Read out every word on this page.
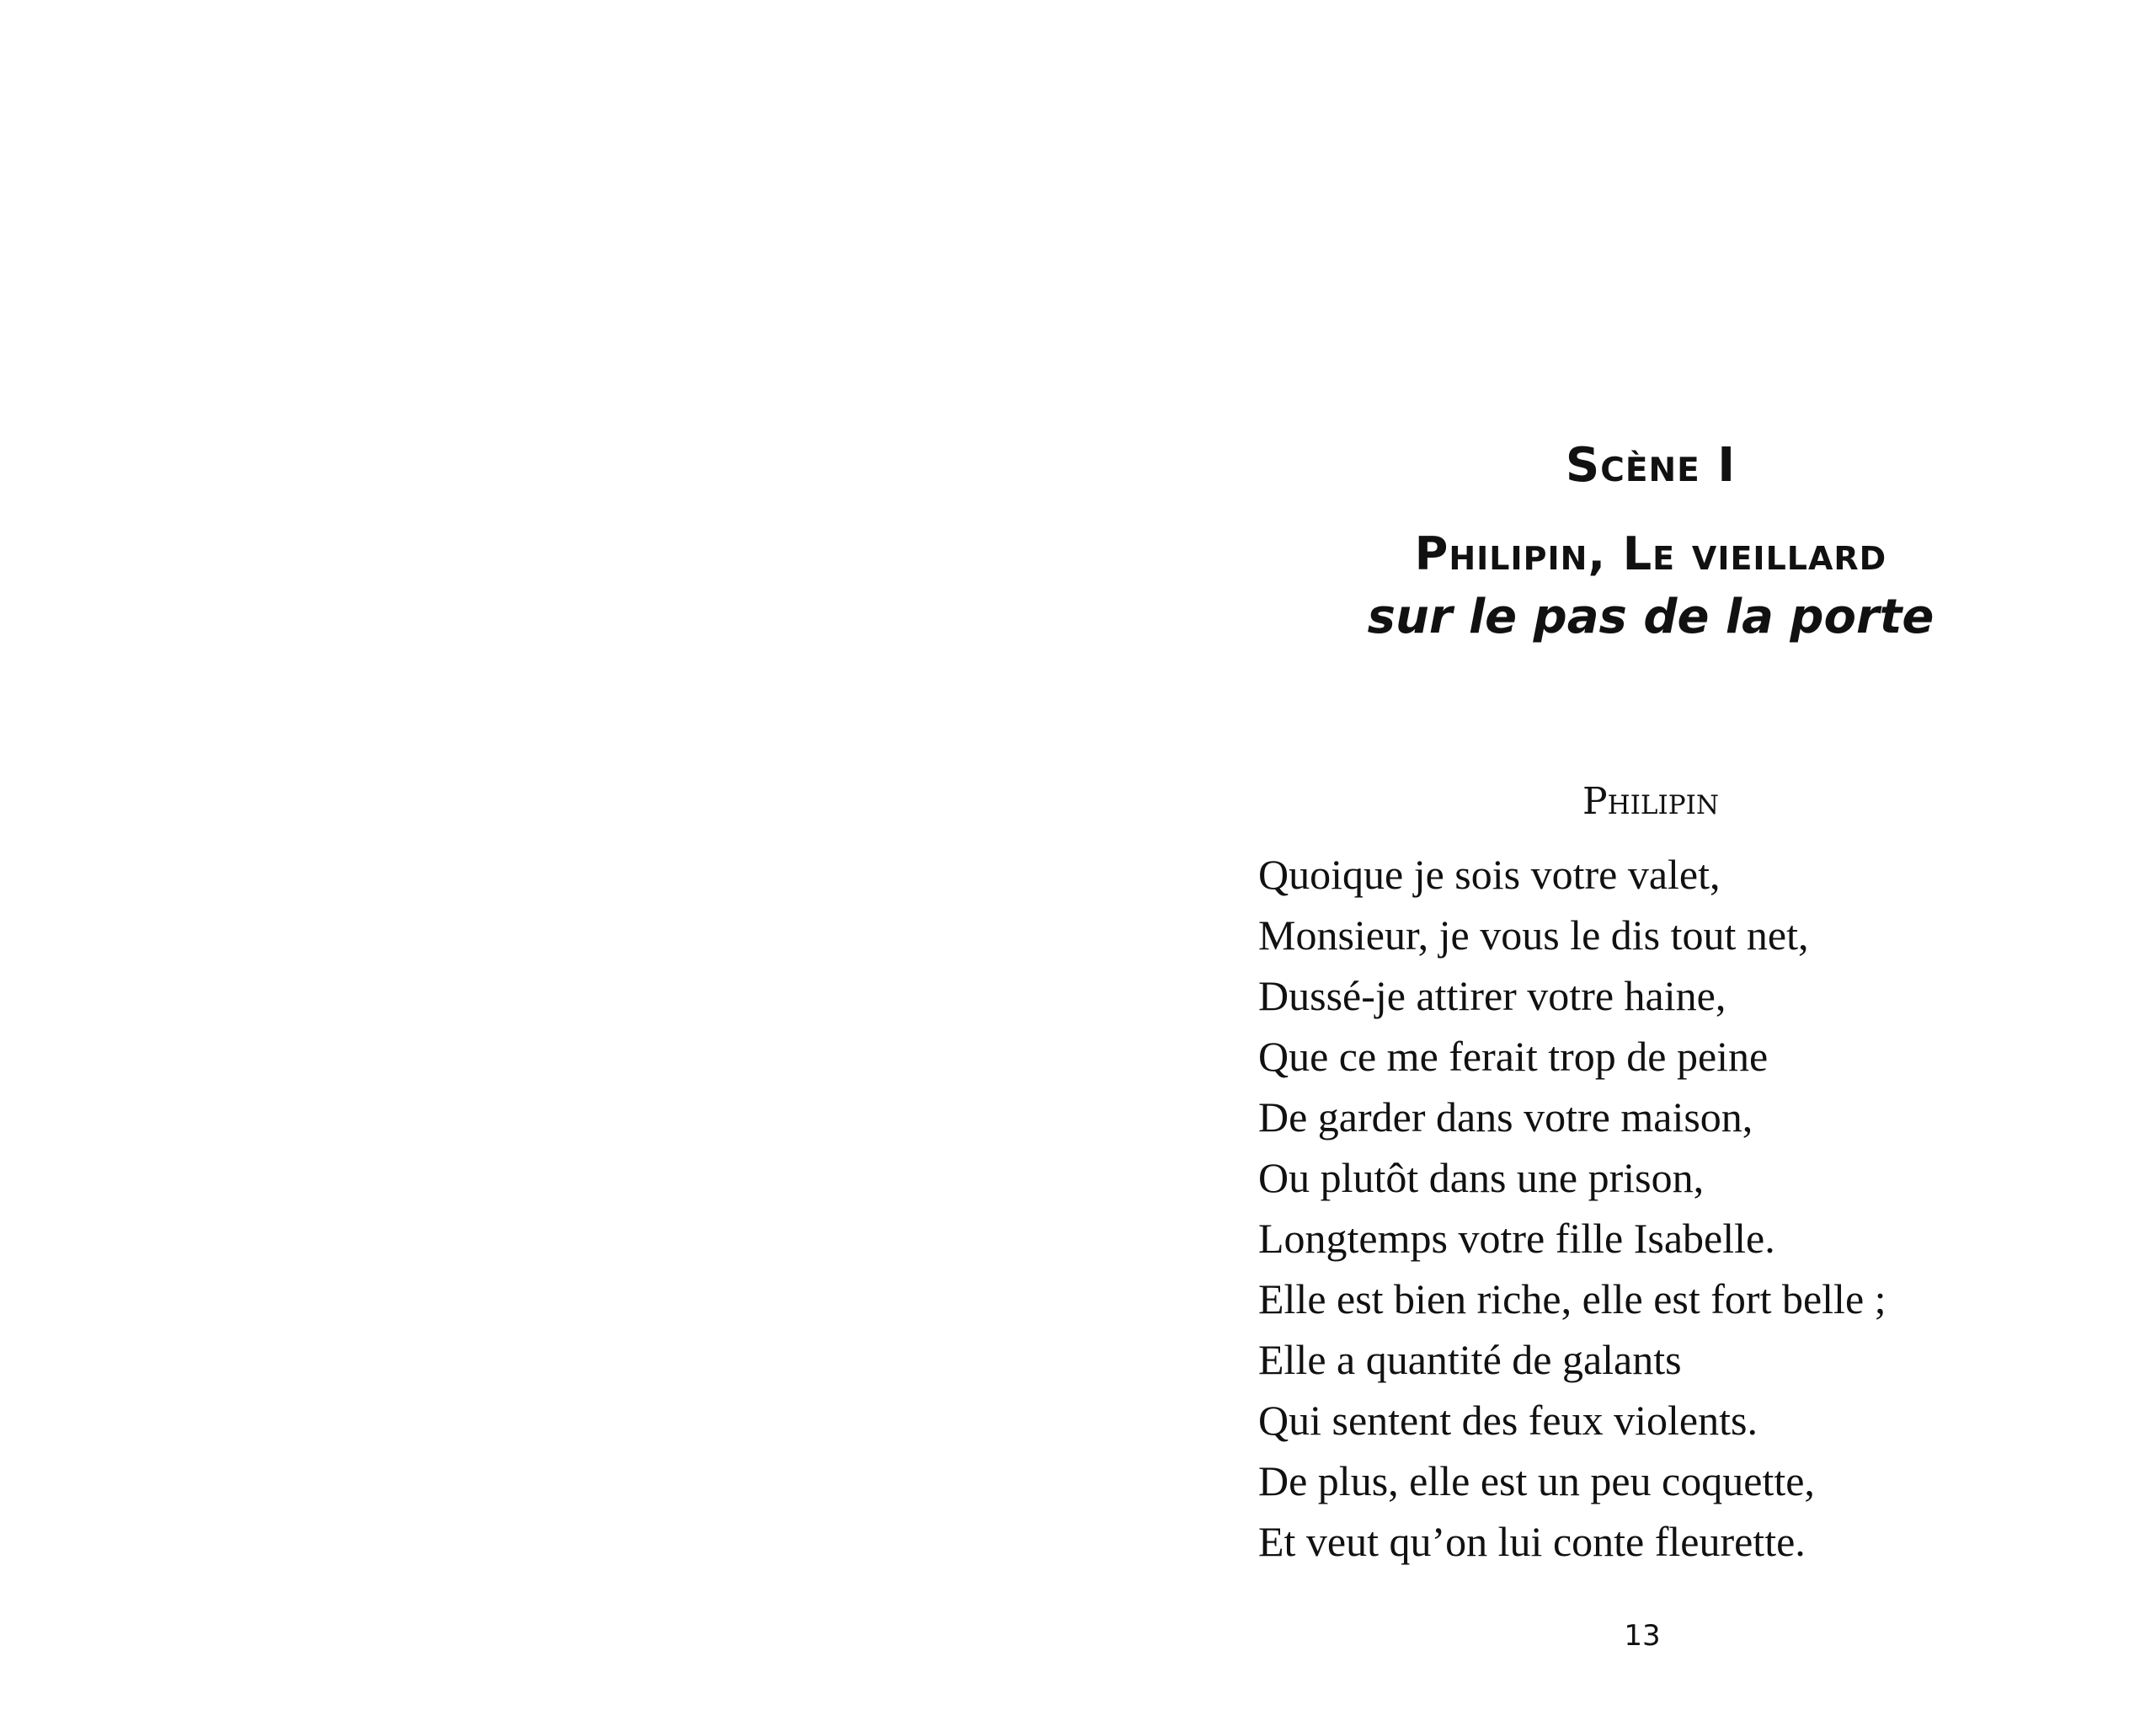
Scène I
Philipin, Le vieillard
sur le pas de la porte
Philipin
Quoique je sois votre valet,
Monsieur, je vous le dis tout net,
Dussé-je attirer votre haine,
Que ce me ferait trop de peine
De garder dans votre maison,
Ou plutôt dans une prison,
Longtemps votre fille Isabelle.
Elle est bien riche, elle est fort belle ;
Elle a quantité de galants
Qui sentent des feux violents.
De plus, elle est un peu coquette,
Et veut qu’on lui conte fleurette.
13
